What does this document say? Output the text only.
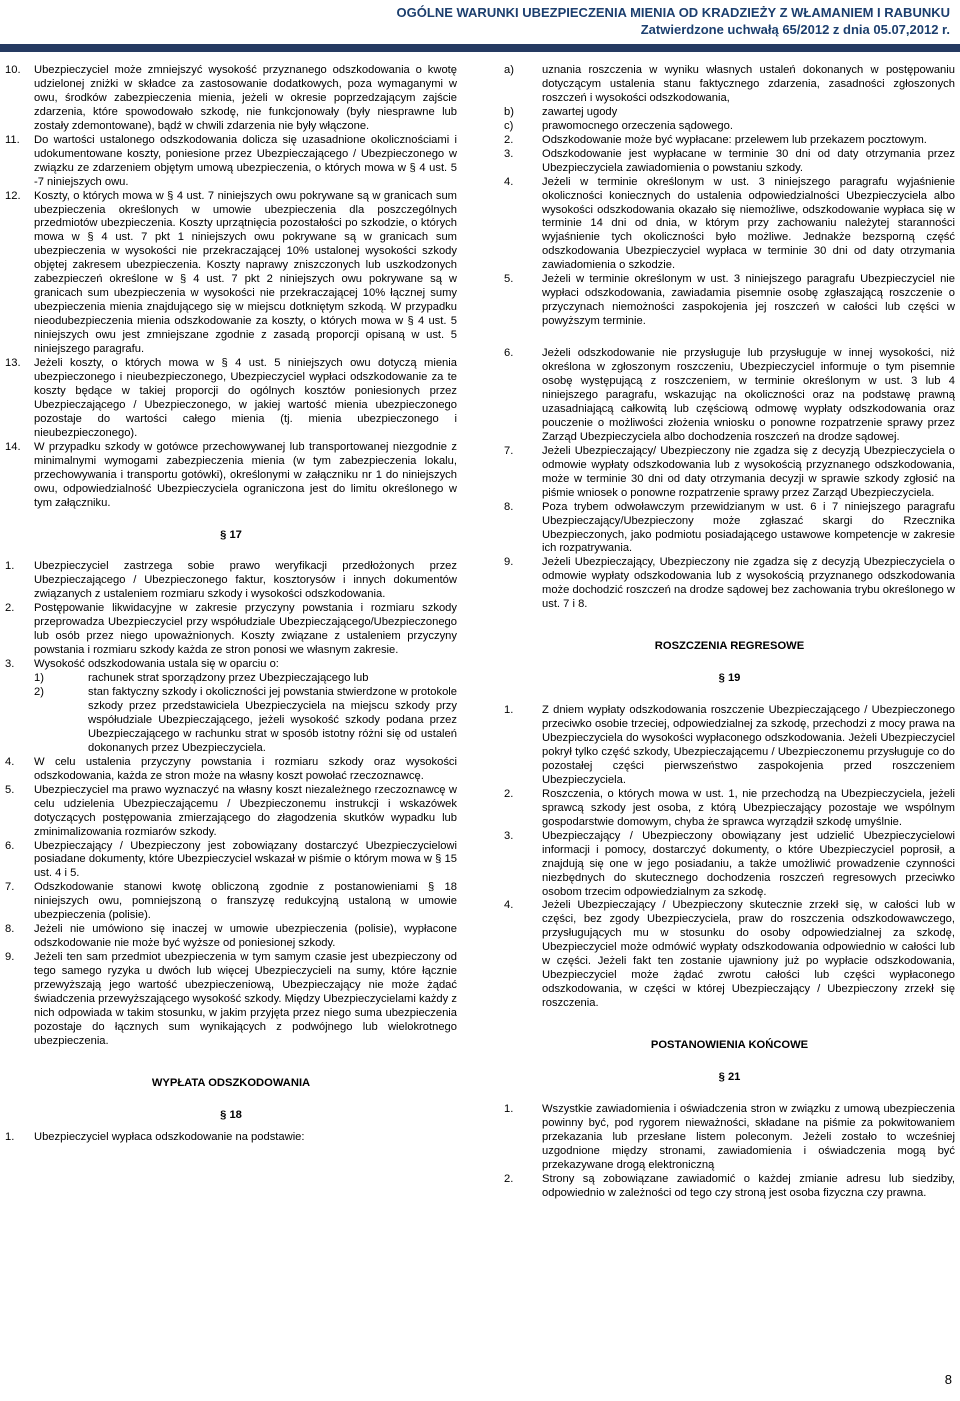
OGÓLNE WARUNKI UBEZPIECZENIA MIENIA OD KRADZIEŻY Z WŁAMANIEM I RABUNKU
Zatwierdzone uchwałą 65/2012 z dnia 05.07,2012 r.
10.	Ubezpieczyciel może zmniejszyć wysokość przyznanego odszkodowania o kwotę udzielonej zniżki w składce za zastosowanie dodatkowych, poza wymaganymi w owu, środków zabezpieczenia mienia, jeżeli w okresie poprzedzającym zajście zdarzenia, które spowodowało szkodę, nie funkcjonowały (były niesprawne lub zostały zdemontowane), bądź w chwili zdarzenia nie były włączone.
11.	Do wartości ustalonego odszkodowania dolicza się uzasadnione okolicznościami i udokumentowane koszty, poniesione przez Ubezpieczającego / Ubezpieczonego w związku ze zdarzeniem objętym umową ubezpieczenia, o których mowa w § 4 ust. 5 -7 niniejszych owu.
12.	Koszty, o których mowa w § 4 ust. 7 niniejszych owu pokrywane są w granicach sum ubezpieczenia określonych w umowie ubezpieczenia dla poszczególnych przedmiotów ubezpieczenia. Koszty uprzątnięcia pozostałości po szkodzie, o których mowa w § 4 ust. 7 pkt 1 niniejszych owu pokrywane są w granicach sum ubezpieczenia w wysokości nie przekraczającej 10% ustalonej wysokości szkody objętej zakresem ubezpieczenia. Koszty naprawy zniszczonych lub uszkodzonych zabezpieczeń określone w § 4 ust. 7 pkt 2 niniejszych owu pokrywane są w granicach sum ubezpieczenia w wysokości nie przekraczającej 10% łącznej sumy ubezpieczenia mienia znajdującego się w miejscu dotkniętym szkodą. W przypadku nieodubezpieczenia mienia odszkodowanie za koszty, o których mowa w § 4 ust. 5 niniejszych owu jest zmniejszane zgodnie z zasadą proporcji opisaną w ust. 5 niniejszego paragrafu.
13.	Jeżeli koszty, o których mowa w § 4 ust. 5 niniejszych owu dotyczą mienia ubezpieczonego i nieubezpieczonego, Ubezpieczyciel wypłaci odszkodowanie za te koszty będące w takiej proporcji do ogólnych kosztów poniesionych przez Ubezpieczającego / Ubezpieczonego, w jakiej wartość mienia ubezpieczonego pozostaje do wartości całego mienia (tj. mienia ubezpieczonego i nieubezpieczonego).
14.	W przypadku szkody w gotówce przechowywanej lub transportowanej niezgodnie z minimalnymi wymogami zabezpieczenia mienia (w tym zabezpieczenia lokalu, przechowywania i transportu gotówki), określonymi w załączniku nr 1 do niniejszych owu, odpowiedzialność Ubezpieczyciela ograniczona jest do limitu określonego w tym załączniku.
§ 17
1.	Ubezpieczyciel zastrzega sobie prawo weryfikacji przedłożonych przez Ubezpieczającego / Ubezpieczonego faktur, kosztorysów i innych dokumentów związanych z ustaleniem rozmiaru szkody i wysokości odszkodowania.
2.	Postępowanie likwidacyjne w zakresie przyczyny powstania i rozmiaru szkody przeprowadza Ubezpieczyciel przy współudziale Ubezpieczającego/Ubezpieczonego lub osób przez niego upoważnionych. Koszty związane z ustaleniem przyczyny powstania i rozmiaru szkody każda ze stron ponosi we własnym zakresie.
3.	Wysokość odszkodowania ustala się w oparciu o:
1)	rachunek strat sporządzony przez Ubezpieczającego lub
2)	stan faktyczny szkody i okoliczności jej powstania stwierdzone w protokole szkody przez przedstawiciela Ubezpieczyciela na miejscu szkody przy współudziale Ubezpieczającego, jeżeli wysokość szkody podana przez Ubezpieczającego w rachunku strat w sposób istotny różni się od ustaleń dokonanych przez Ubezpieczyciela.
4.	W celu ustalenia przyczyny powstania i rozmiaru szkody oraz wysokości odszkodowania, każda ze stron może na własny koszt powołać rzeczoznawcę.
5.	Ubezpieczyciel ma prawo wyznaczyć na własny koszt niezależnego rzeczoznawcę w celu udzielenia Ubezpieczającemu / Ubezpieczonemu instrukcji i wskazówek dotyczących postępowania zmierzającego do złagodzenia skutków wypadku lub zminimalizowania rozmiarów szkody.
6.	Ubezpieczający / Ubezpieczony jest zobowiązany dostarczyć Ubezpieczycielowi posiadane dokumenty, które Ubezpieczyciel wskazał w piśmie o którym mowa w § 15 ust. 4 i 5.
7.	Odszkodowanie stanowi kwotę obliczoną zgodnie z postanowieniami § 18 niniejszych owu, pomniejszoną o franszyzę redukcyjną ustaloną w umowie ubezpieczenia (polisie).
8.	Jeżeli nie umówiono się inaczej w umowie ubezpieczenia (polisie), wypłacone odszkodowanie nie może być wyższe od poniesionej szkody.
9.	Jeżeli ten sam przedmiot ubezpieczenia w tym samym czasie jest ubezpieczony od tego samego ryzyka u dwóch lub więcej Ubezpieczycieli na sumy, które łącznie przewyższają jego wartość ubezpieczeniową, Ubezpieczający nie może żądać świadczenia przewyższającego wysokość szkody. Między Ubezpieczycielami każdy z nich odpowiada w takim stosunku, w jakim przyjęta przez niego suma ubezpieczenia pozostaje do łącznych sum wynikających z podwójnego lub wielokrotnego ubezpieczenia.
WYPŁATA ODSZKODOWANIA
§ 18
1.	Ubezpieczyciel wypłaca odszkodowanie na podstawie:
a)	uznania roszczenia w wyniku własnych ustaleń dokonanych w postępowaniu dotyczącym ustalenia stanu faktycznego zdarzenia, zasadności zgłoszonych roszczeń i wysokości odszkodowania,
b)	zawartej ugody
c)	prawomocnego orzeczenia sądowego.
2.	Odszkodowanie może być wypłacane: przelewem lub przekazem pocztowym.
3.	Odszkodowanie jest wypłacane w terminie 30 dni od daty otrzymania przez Ubezpieczyciela zawiadomienia o powstaniu szkody.
4.	Jeżeli w terminie określonym w ust. 3 niniejszego paragrafu wyjaśnienie okoliczności koniecznych do ustalenia odpowiedzialności Ubezpieczyciela albo wysokości odszkodowania okazało się niemożliwe, odszkodowanie wypłaca się w terminie 14 dni od dnia, w którym przy zachowaniu należytej staranności wyjaśnienie tych okoliczności było możliwe. Jednakże bezsporną część odszkodowania Ubezpieczyciel wypłaca w terminie 30 dni od daty otrzymania zawiadomienia o szkodzie.
5.	Jeżeli w terminie określonym w ust. 3 niniejszego paragrafu Ubezpieczyciel nie wypłaci odszkodowania, zawiadamia pisemnie osobę zgłaszającą roszczenie o przyczynach niemożności zaspokojenia jej roszczeń w całości lub części w powyższym terminie.
6.	Jeżeli odszkodowanie nie przysługuje lub przysługuje w innej wysokości, niż określona w zgłoszonym roszczeniu, Ubezpieczyciel informuje o tym pisemnie osobę występującą z roszczeniem, w terminie określonym w ust. 3 lub 4 niniejszego paragrafu, wskazując na okoliczności oraz na podstawę prawną uzasadniającą całkowitą lub częściową odmowę wypłaty odszkodowania oraz pouczenie o możliwości złożenia wniosku o ponowne rozpatrzenie sprawy przez Zarząd Ubezpieczyciela albo dochodzenia roszczeń na drodze sądowej.
7.	Jeżeli Ubezpieczający/ Ubezpieczony nie zgadza się z decyzją Ubezpieczyciela o odmowie wypłaty odszkodowania lub z wysokością przyznanego odszkodowania, może w terminie 30 dni od daty otrzymania decyzji w sprawie szkody zgłosić na piśmie wniosek o ponowne rozpatrzenie sprawy przez Zarząd Ubezpieczyciela.
8.	Poza trybem odwoławczym przewidzianym w ust. 6 i 7 niniejszego paragrafu Ubezpieczający/Ubezpieczony może zgłaszać skargi do Rzecznika Ubezpieczonych, jako podmiotu posiadającego ustawowe kompetencje w zakresie ich rozpatrywania.
9.	Jeżeli Ubezpieczający, Ubezpieczony nie zgadza się z decyzją Ubezpieczyciela o odmowie wypłaty odszkodowania lub z wysokością przyznanego odszkodowania może dochodzić roszczeń na drodze sądowej bez zachowania trybu określonego w ust. 7 i 8.
ROSZCZENIA REGRESOWE
§ 19
1.	Z dniem wypłaty odszkodowania roszczenie Ubezpieczającego / Ubezpieczonego przeciwko osobie trzeciej, odpowiedzialnej za szkodę, przechodzi z mocy prawa na Ubezpieczyciela do wysokości wypłaconego odszkodowania. Jeżeli Ubezpieczyciel pokrył tylko część szkody, Ubezpieczającemu / Ubezpieczonemu przysługuje co do pozostałej części pierwszeństwo zaspokojenia przed roszczeniem Ubezpieczyciela.
2.	Roszczenia, o których mowa w ust. 1, nie przechodzą na Ubezpieczyciela, jeżeli sprawcą szkody jest osoba, z którą Ubezpieczający pozostaje we wspólnym gospodarstwie domowym, chyba że sprawca wyrządził szkodę umyślnie.
3.	Ubezpieczający / Ubezpieczony obowiązany jest udzielić Ubezpieczycielowi informacji i pomocy, dostarczyć dokumenty, o które Ubezpieczyciel poprosił, a znajdują się one w jego posiadaniu, a także umożliwić prowadzenie czynności niezbędnych do skutecznego dochodzenia roszczeń regresowych przeciwko osobom trzecim odpowiedzialnym za szkodę.
4.	Jeżeli Ubezpieczający / Ubezpieczony skutecznie zrzekł się, w całości lub w części, bez zgody Ubezpieczyciela, praw do roszczenia odszkodowawczego, przysługujących mu w stosunku do osoby odpowiedzialnej za szkodę, Ubezpieczyciel może odmówić wypłaty odszkodowania odpowiednio w całości lub w części. Jeżeli fakt ten zostanie ujawniony już po wypłacie odszkodowania, Ubezpieczyciel może żądać zwrotu całości lub części wypłaconego odszkodowania, w części w której Ubezpieczający / Ubezpieczony zrzekł się roszczenia.
POSTANOWIENIA KOŃCOWE
§ 21
1.	Wszystkie zawiadomienia i oświadczenia stron w związku z umową ubezpieczenia powinny być, pod rygorem nieważności, składane na piśmie za pokwitowaniem przekazania lub przesłane listem poleconym. Jeżeli zostało to wcześniej uzgodnione między stronami, zawiadomienia i oświadczenia mogą być przekazywane drogą elektroniczną
2.	Strony są zobowiązane zawiadomić o każdej zmianie adresu lub siedziby, odpowiednio w zależności od tego czy stroną jest osoba fizyczna czy prawna.
8
